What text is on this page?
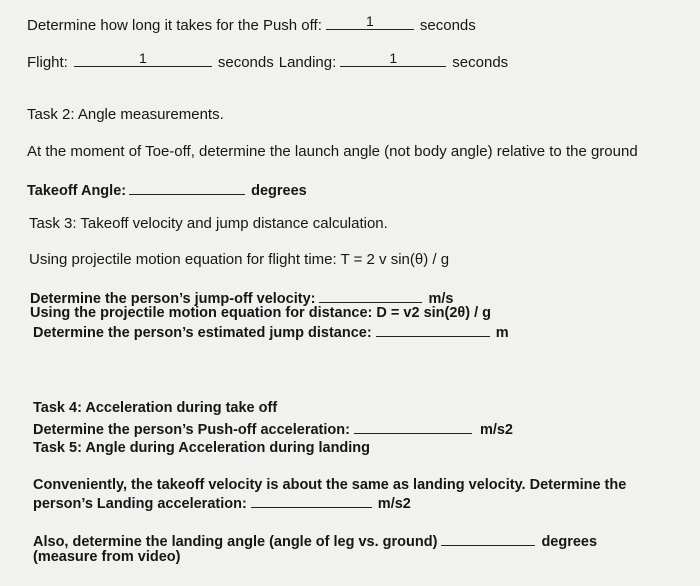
Determine how long it takes for the Push off:	1	seconds
Flight:	1	seconds Landing:	1	seconds
Task 2: Angle measurements.
At the moment of Toe-off, determine the launch angle (not body angle) relative to the ground
Takeoff Angle:	degrees
Task 3: Takeoff velocity and jump distance calculation.
Using projectile motion equation for flight time: T = 2 v sin(θ) / g
Determine the person’s jump-off velocity:	m/s
Using the projectile motion equation for distance: D = v2 sin(2θ) / g
Determine the person’s estimated jump distance:	m
Task 4: Acceleration during take off
Determine the person’s Push-off acceleration:	m/s2
Task 5: Angle during Acceleration during landing
Conveniently, the takeoff velocity is about the same as landing velocity. Determine the
person’s Landing acceleration:	m/s2
Also, determine the landing angle (angle of leg vs. ground)	degrees
(measure from video)
